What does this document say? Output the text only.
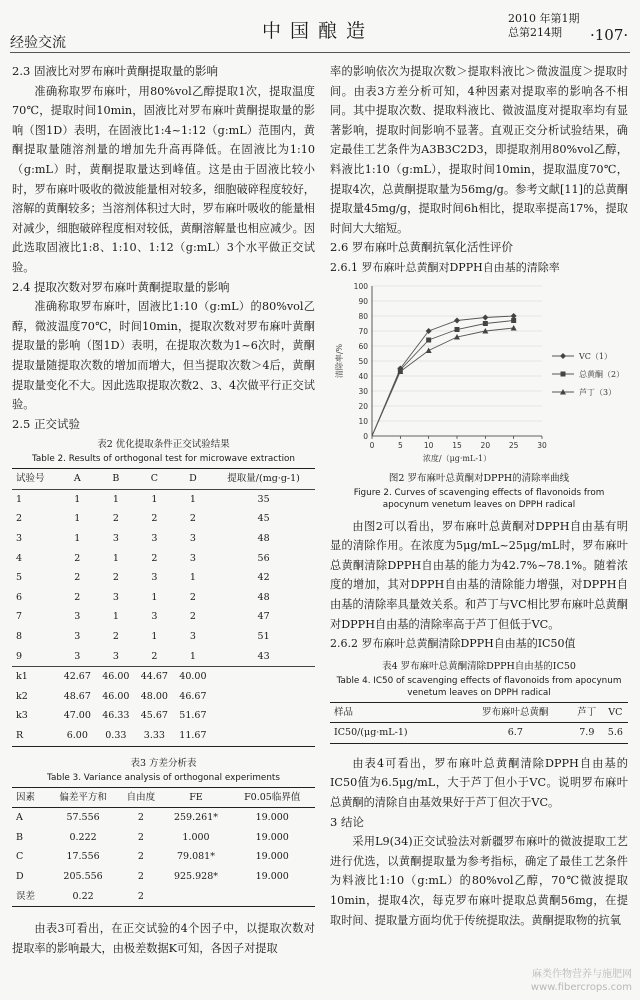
经验交流
中国酿造
2010 年第1期
总第214期	·107·
2.3 固液比对罗布麻叶黄酮提取量的影响

准确称取罗布麻叶，用80%vol乙醇提取1次，提取温度70℃，提取时间10min，固液比对罗布麻叶黄酮提取量的影响（图1D）表明，在固液比1:4~1:12（g:mL）范围内，黄酮提取量随溶剂量的增加先升高再降低。在固液比为1:10（g:mL）时，黄酮提取量达到峰值。这是由于固液比较小时，罗布麻叶吸收的微波能量相对较多，细胞破碎程度较好，溶解的黄酮较多；当溶剂体积过大时，罗布麻叶吸收的能量相对减少，细胞破碎程度相对较低，黄酮溶解量也相应减少。因此选取固液比1:8、1:10、1:12（g:mL）3个水平做正交试验。

2.4 提取次数对罗布麻叶黄酮提取量的影响

准确称取罗布麻叶，固液比1:10（g:mL）的80%vol乙醇，微波温度70℃，时间10min，提取次数对罗布麻叶黄酮提取量的影响（图1D）表明，在提取次数为1~6次时，黄酮提取量随提取次数的增加而增大，但当提取次数＞4后，黄酮提取量变化不大。因此选取提取次数2、3、4次做平行正交试验。

2.5 正交试验
表2 优化提取条件正交试验结果
Table 2. Results of orthogonal test for microwave extraction
试验号	A	B	C	D	提取量/(mg·g-1)
1	1	1	1	1	35
2	1	2	2	2	45
3	1	3	3	3	48
4	2	1	2	3	56
5	2	2	3	1	42
6	2	3	1	2	48
7	3	1	3	2	47
8	3	2	1	3	51
9	3	3	2	1	43
k1	42.67	46.00	44.67	40.00	
k2	48.67	46.00	48.00	46.67	
k3	47.00	46.33	45.67	51.67	
R	6.00	0.33	3.33	11.67	
表3 方差分析表
Table 3. Variance analysis of orthogonal experiments
因素	偏差平方和	自由度	FE	F0.05临界值
A	57.556	2	259.261*	19.000
B	0.222	2	1.000	19.000
C	17.556	2	79.081*	19.000
D	205.556	2	925.928*	19.000
误差	0.22	2		

由表3可看出，在正交试验的4个因子中，以提取次数对提取率的影响最大，由极差数据K可知，各因子对提取

率的影响依次为提取次数＞提取料液比＞微波温度＞提取时间。由表3方差分析可知，4种因素对提取率的影响各不相同。其中提取次数、提取料液比、微波温度对提取率均有显著影响，提取时间影响不显著。直观正交分析试验结果，确定最佳工艺条件为A3B3C2D3，即提取剂用80%vol乙醇，料液比1:10（g:mL），提取时间10min，提取温度70℃，提取4次，总黄酮提取量为56mg/g。参考文献[11]的总黄酮提取量45mg/g，提取时间6h相比，提取率提高17%，提取时间大大缩短。

2.6 罗布麻叶总黄酮抗氧化活性评价
2.6.1 罗布麻叶总黄酮对DPPH自由基的清除率
0
10
20
30
40
50
60
70
80
90
100
0	5	10	15	20	25	30
浓度/（μg·mL-1）
清除率/%	VC（1）
总黄酮（2）
芦丁（3）
图2 罗布麻叶总黄酮对DPPH的清除率曲线
Figure 2. Curves of scavenging effects of flavonoids from apocynum venetum leaves on DPPH radical

由图2可以看出，罗布麻叶总黄酮对DPPH自由基有明显的清除作用。在浓度为5μg/mL~25μg/mL时，罗布麻叶总黄酮清除DPPH自由基的能力为42.7%~78.1%。随着浓度的增加，其对DPPH自由基的清除能力增强，对DPPH自由基的清除率具量效关系。和芦丁与VC相比罗布麻叶总黄酮对DPPH自由基的清除率高于芦丁但低于VC。

2.6.2 罗布麻叶总黄酮清除DPPH自由基的IC50值
表4 罗布麻叶总黄酮清除DPPH自由基的IC50
Table 4. IC50 of scavenging effects of flavonoids from apocynum venetum leaves on DPPH radical
样品	罗布麻叶总黄酮	芦丁	VC
IC50/(μg·mL-1)	6.7	7.9	5.6

由表4可看出，罗布麻叶总黄酮清除DPPH自由基的IC50值为6.5μg/mL，大于芦丁但小于VC。说明罗布麻叶总黄酮的清除自由基效果好于芦丁但次于VC。

3 结论

采用L9(34)正交试验法对新疆罗布麻叶的微波提取工艺进行优选，以黄酮提取量为参考指标，确定了最佳工艺条件为料液比1:10（g:mL）的80%vol乙醇，70℃微波提取10min，提取4次，每克罗布麻叶提取总黄酮56mg，在提取时间、提取量方面均优于传统提取法。黄酮提取物的抗氧

麻类作物营养与施肥网
www.fibercrops.com
